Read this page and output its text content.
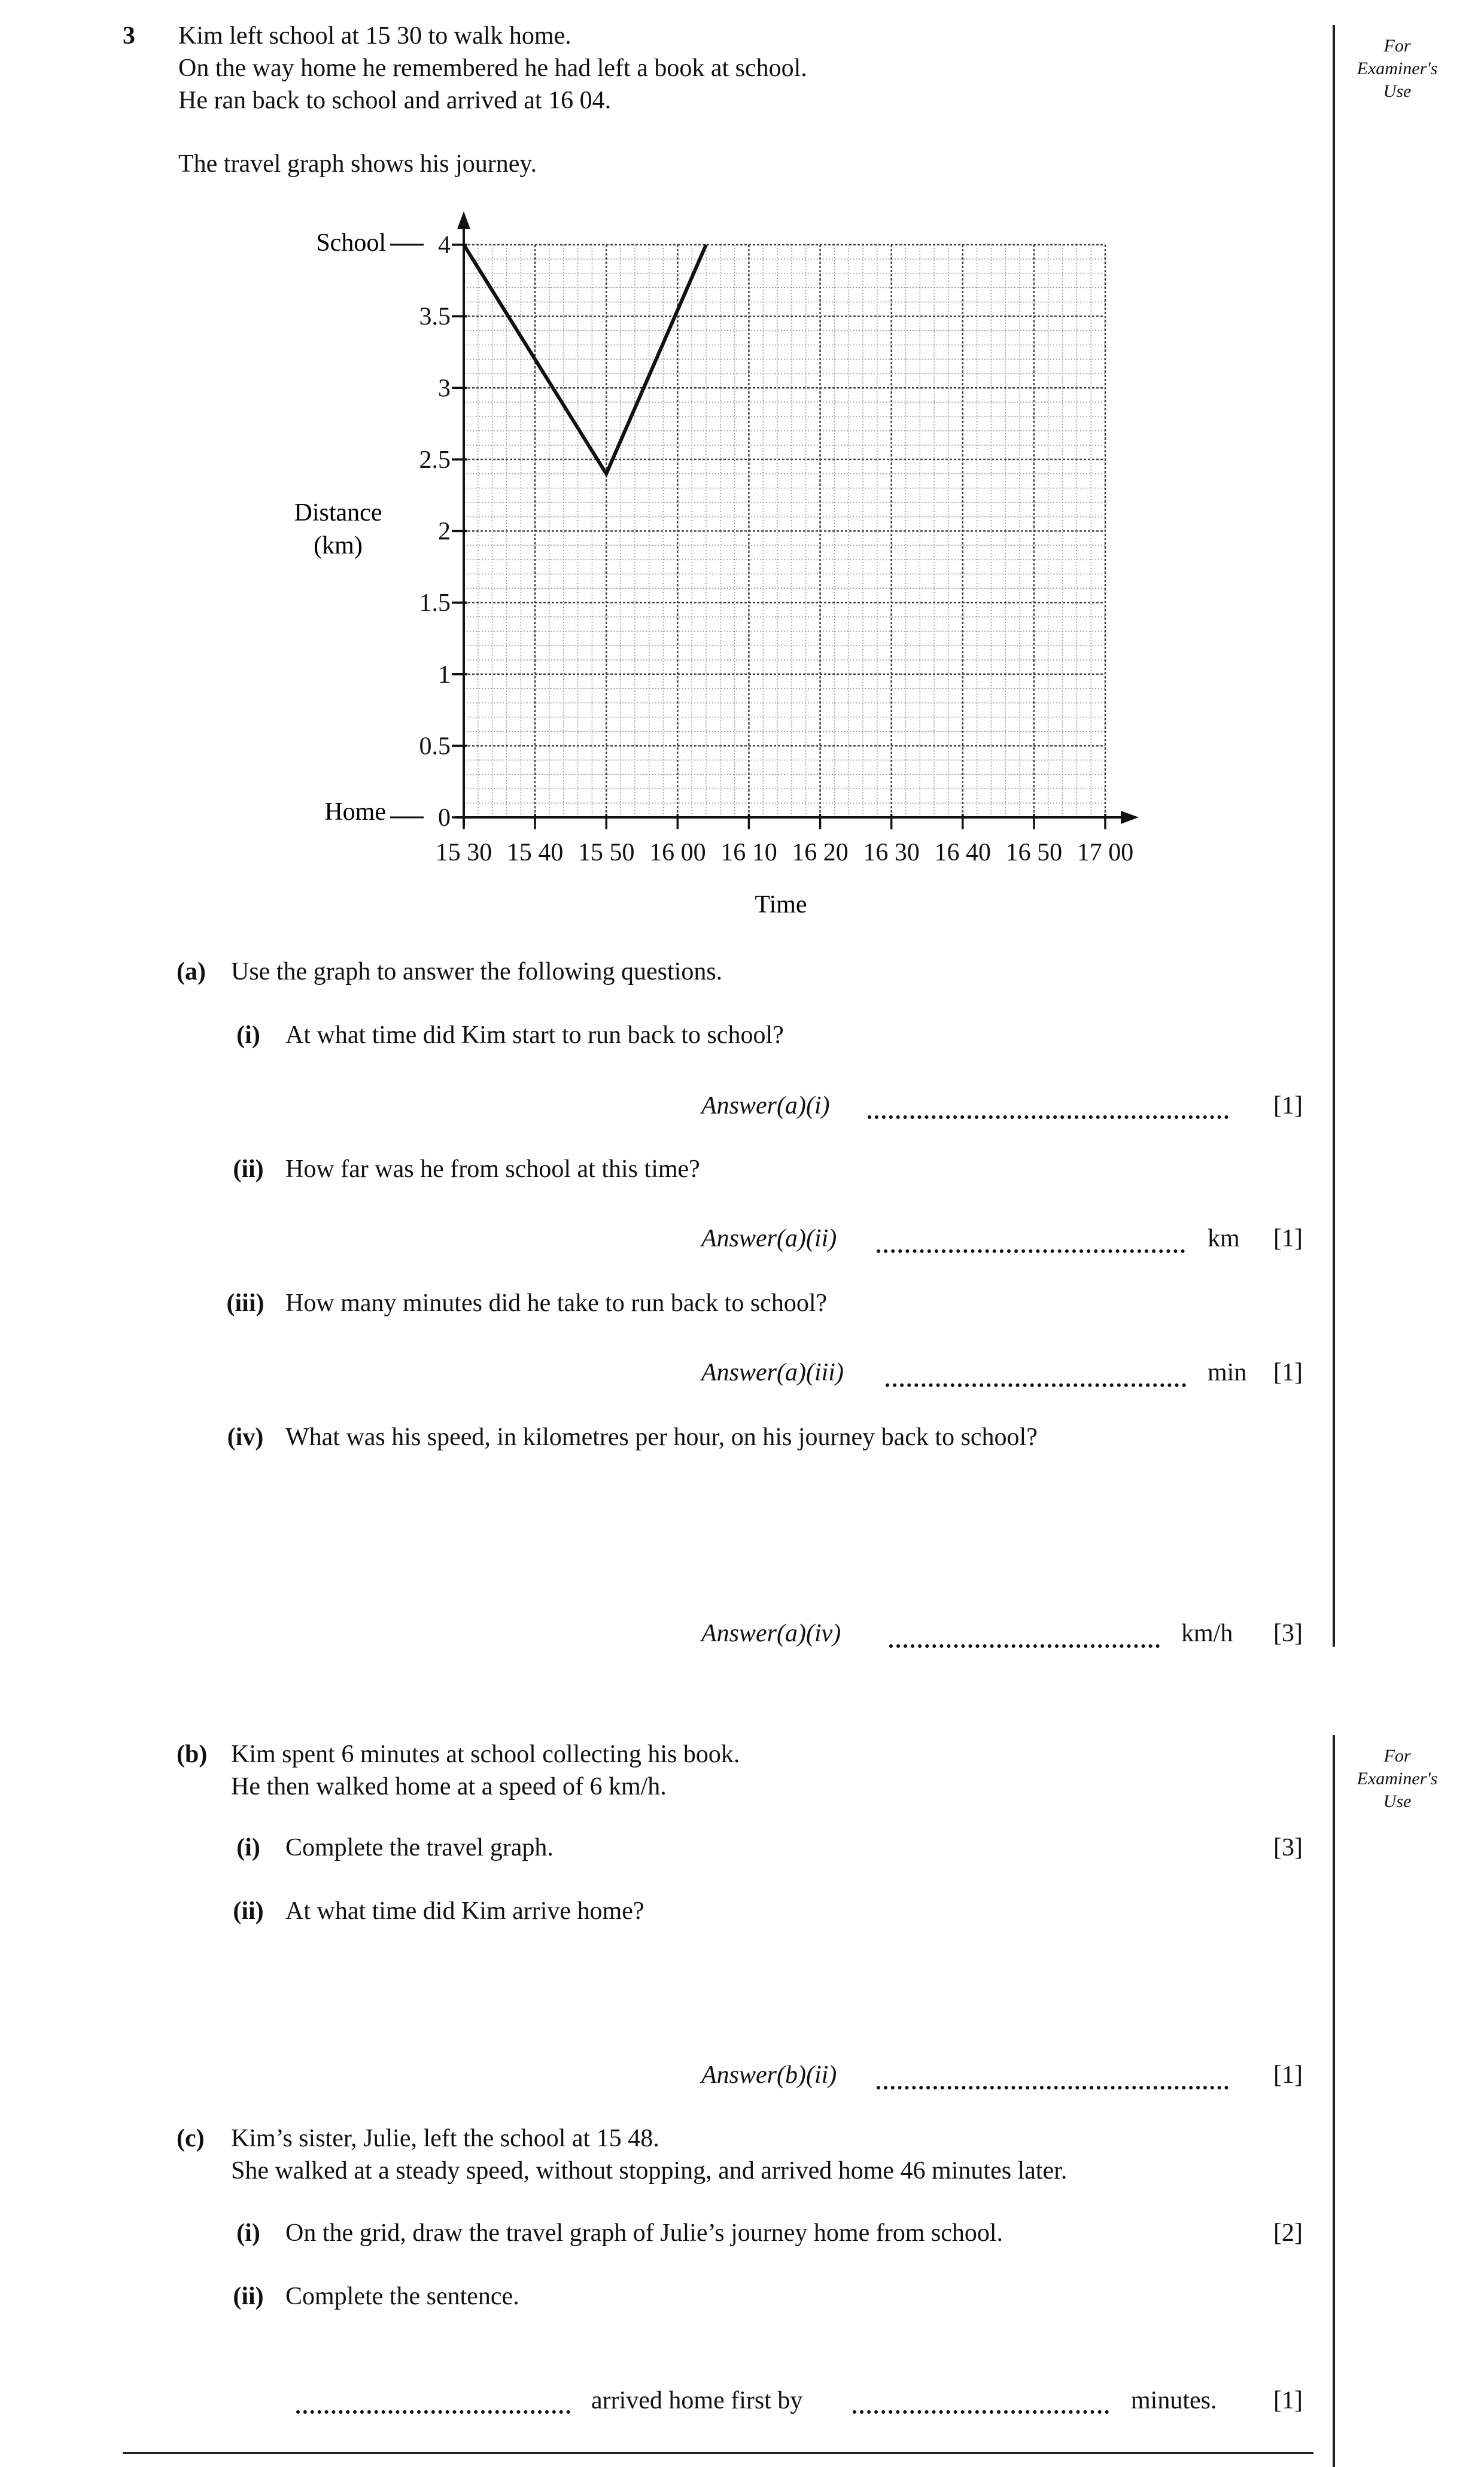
For
Examiner's
Use
For
Examiner's
Use
3 Kim left school at 15 30 to walk home.
On the way home he remembered he had left a book at school.
He ran back to school and arrived at 16 04.
The travel graph shows his journey.
0
0.5
1
1.5
2
2.5
3
3.5
4
15 30 15 40 15 50 16 00 16 10 16 20 16 30 16 40 16 50 17 00
School
Home
Distance
(km)
Time
(a) Use the graph to answer the following questions.
(i)	At what time did Kim start to run back to school?
Answer(a)(i)	[1]
(ii) How far was he from school at this time?
Answer(a)(ii)	km [1]
(iii) How many minutes did he take to run back to school?
Answer(a)(iii)	min [1]
(iv) What was his speed, in kilometres per hour, on his journey back to school?
Answer(a)(iv)	km/h [3]
(b) Kim spent 6 minutes at school collecting his book.
He then walked home at a speed of 6 km/h.
(i)	Complete the travel graph.	[3]
(ii) At what time did Kim arrive home?
Answer(b)(ii)	[1]
(c) Kim’s sister, Julie, left the school at 15 48.
She walked at a steady speed, without stopping, and arrived home 46 minutes later.
(i)	On the grid, draw the travel graph of Julie’s journey home from school.	[2]
(ii) Complete the sentence.
arrived home first by	minutes. [1]
